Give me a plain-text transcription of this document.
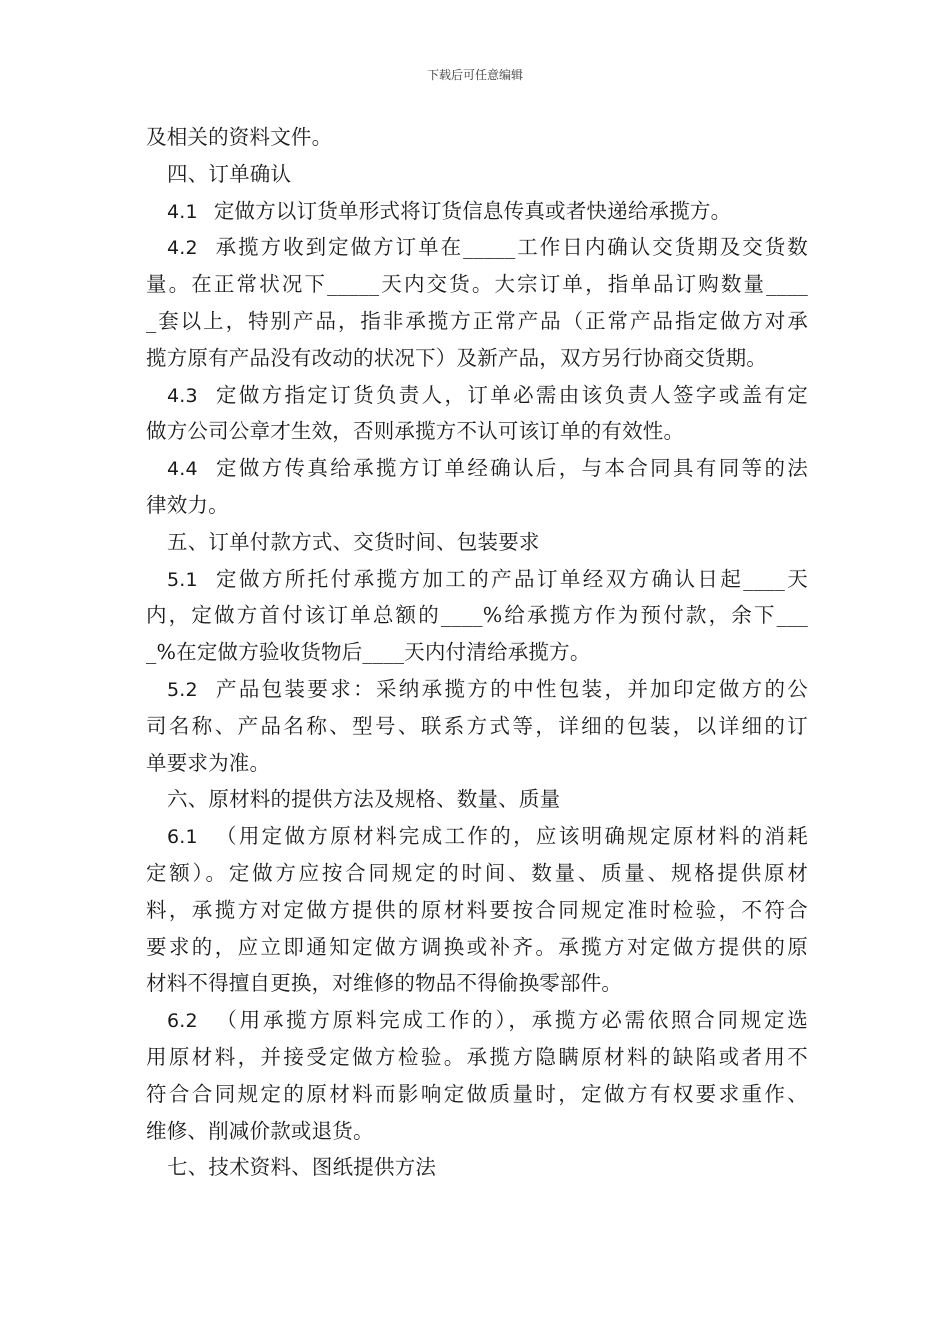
下载后可任意编辑
及相关的资料文件。
四、订单确认
4.1 定做方以订货单形式将订货信息传真或者快递给承揽方。
4.2 承揽方收到定做方订单在_____工作日内确认交货期及交货数
量。在正常状况下_____天内交货。大宗订单，指单品订购数量____
_套以上，特别产品，指非承揽方正常产品（正常产品指定做方对承
揽方原有产品没有改动的状况下）及新产品，双方另行协商交货期。
4.3 定做方指定订货负责人，订单必需由该负责人签字或盖有定
做方公司公章才生效，否则承揽方不认可该订单的有效性。
4.4 定做方传真给承揽方订单经确认后，与本合同具有同等的法
律效力。
五、订单付款方式、交货时间、包装要求
5.1 定做方所托付承揽方加工的产品订单经双方确认日起____天
内，定做方首付该订单总额的____%给承揽方作为预付款，余下___
_%在定做方验收货物后____天内付清给承揽方。
5.2 产品包装要求：采纳承揽方的中性包装，并加印定做方的公
司名称、产品名称、型号、联系方式等，详细的包装，以详细的订
单要求为准。
六、原材料的提供方法及规格、数量、质量
6.1 （用定做方原材料完成工作的，应该明确规定原材料的消耗
定额）。定做方应按合同规定的时间、数量、质量、规格提供原材
料，承揽方对定做方提供的原材料要按合同规定准时检验，不符合
要求的，应立即通知定做方调换或补齐。承揽方对定做方提供的原
材料不得擅自更换，对维修的物品不得偷换零部件。
6.2 （用承揽方原料完成工作的），承揽方必需依照合同规定选
用原材料，并接受定做方检验。承揽方隐瞒原材料的缺陷或者用不
符合合同规定的原材料而影响定做质量时，定做方有权要求重作、
维修、削减价款或退货。
七、技术资料、图纸提供方法
